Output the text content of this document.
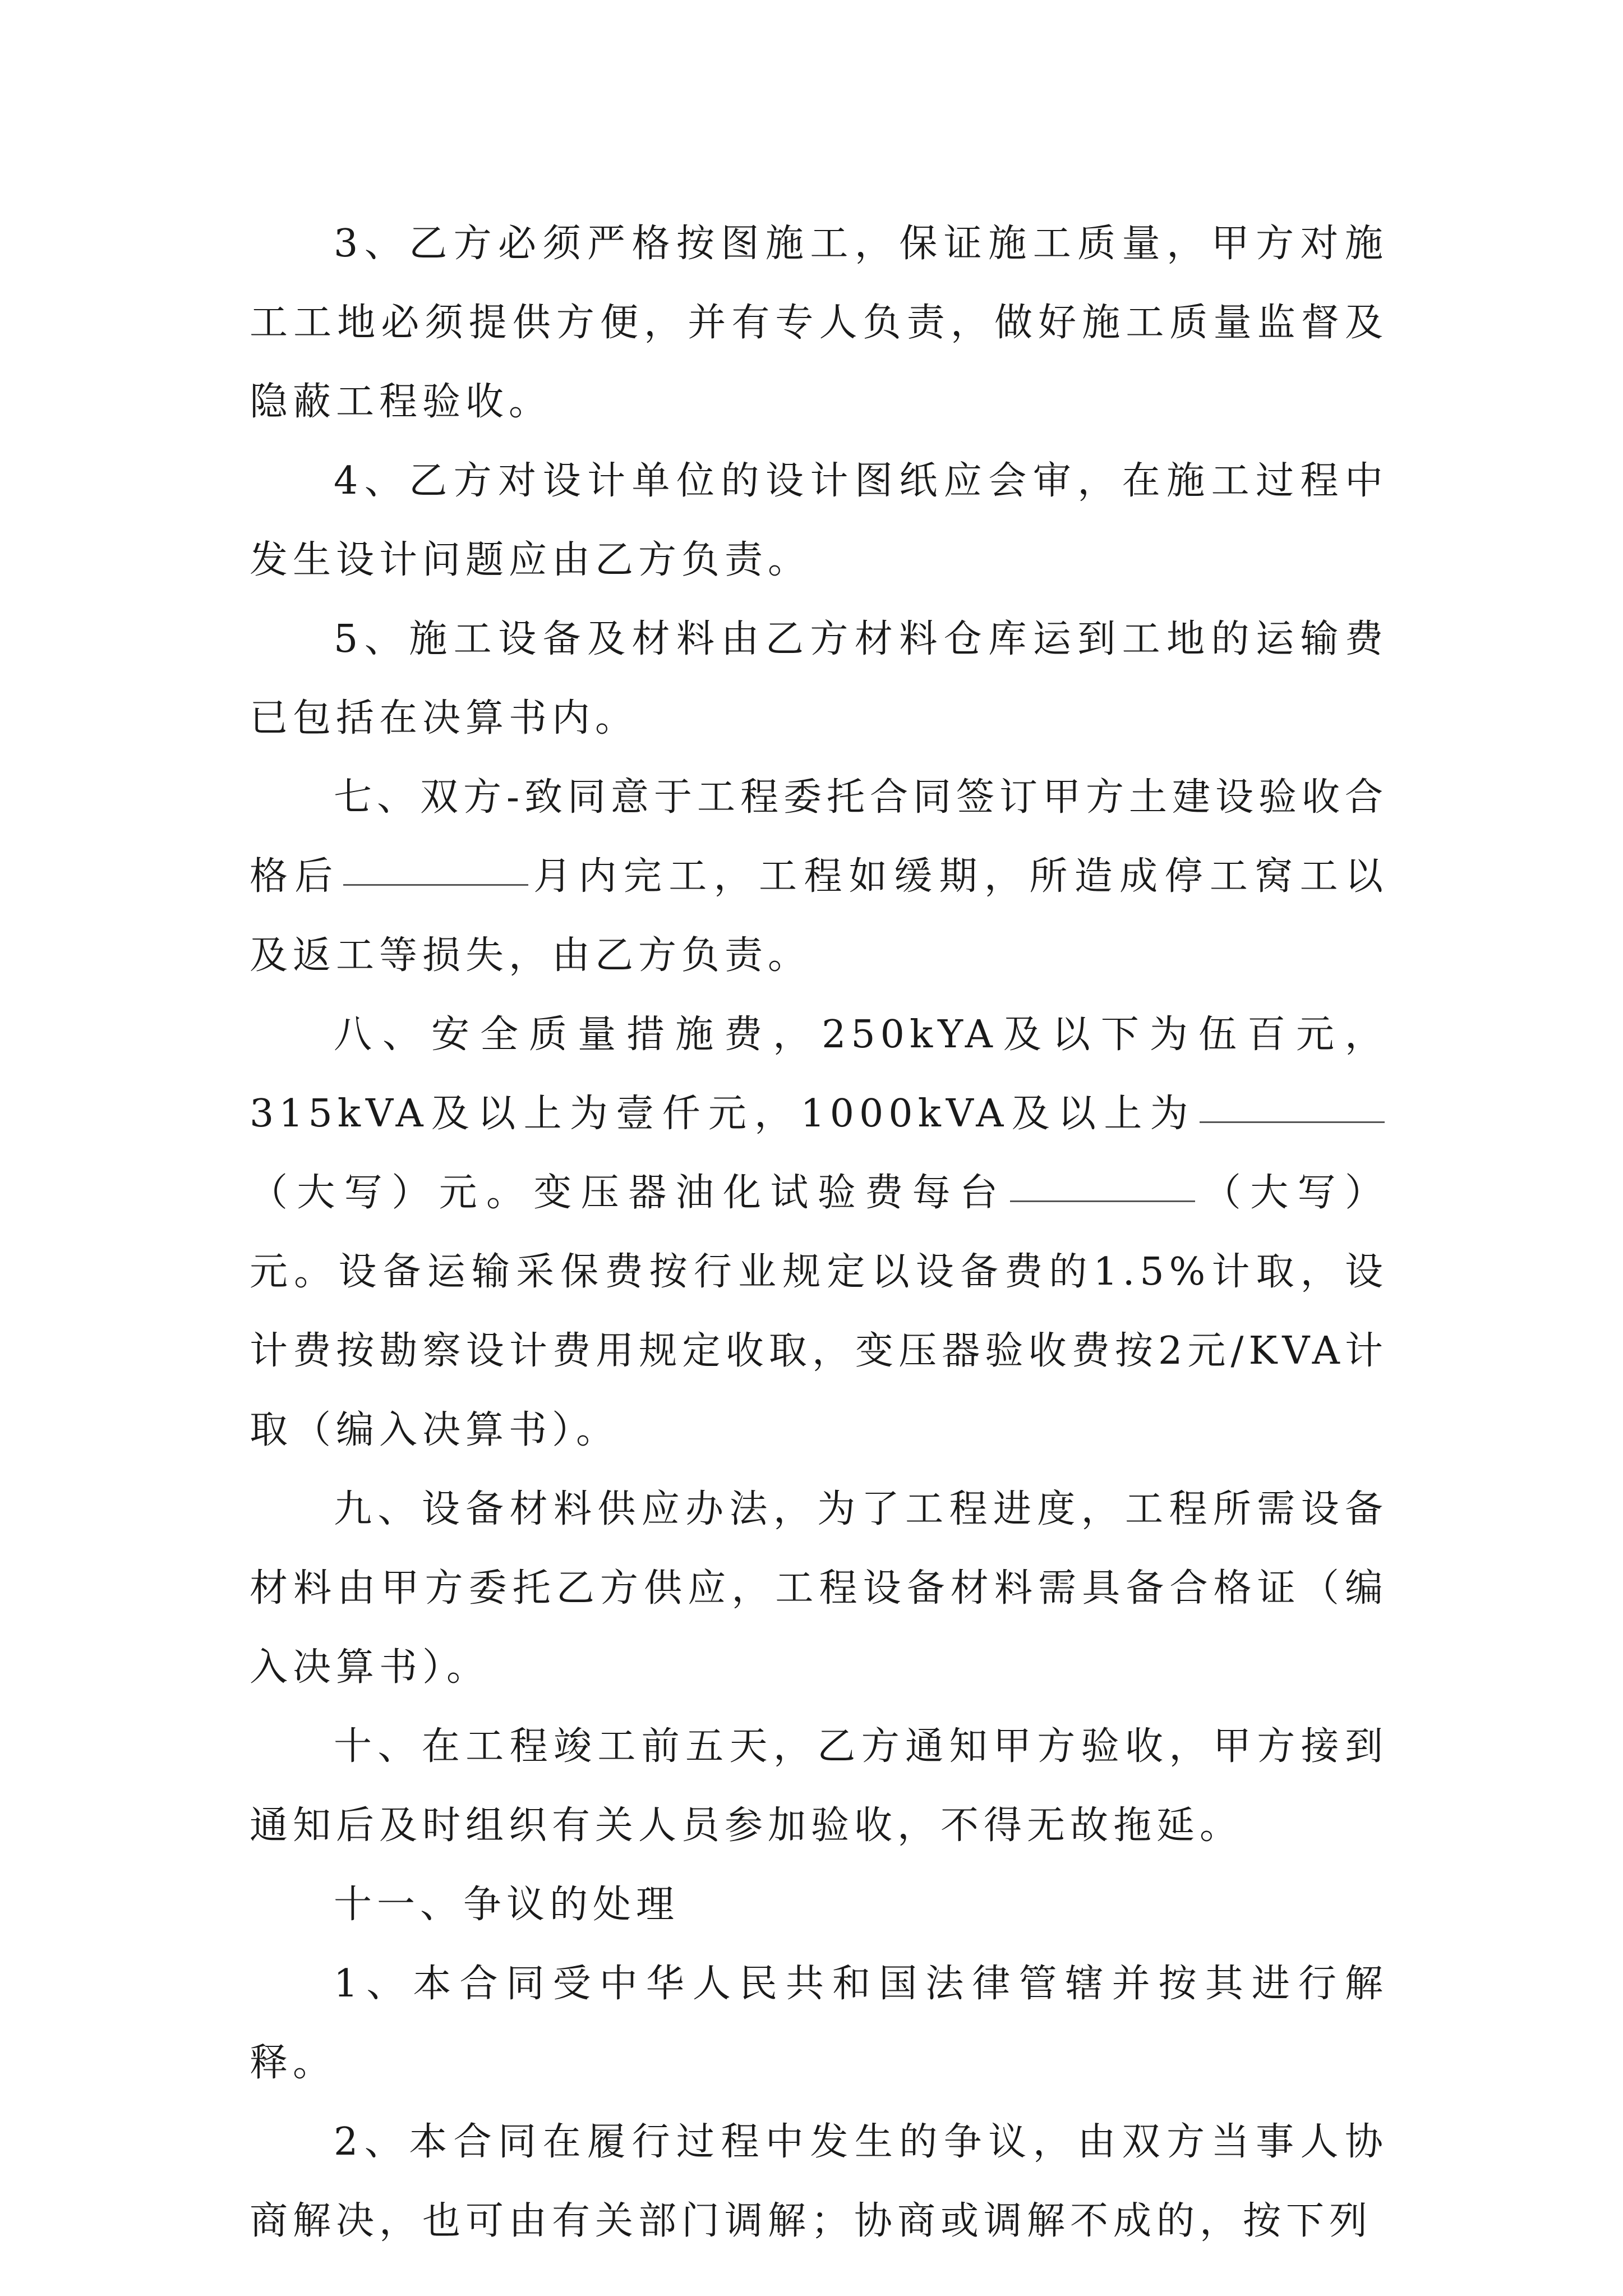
3、乙方必须严格按图施工，保证施工质量，甲方对施工工地必须提供方便，并有专人负责，做好施工质量监督及隐蔽工程验收。

4、乙方对设计单位的设计图纸应会审，在施工过程中发生设计问题应由乙方负责。

5、施工设备及材料由乙方材料仓库运到工地的运输费已包括在决算书内。

七、双方-致同意于工程委托合同签订甲方土建设验收合格后	月内完工，工程如缓期，所造成停工窝工以及返工等损失，由乙方负责。

八、安全质量措施费，250kYA及以下为伍百元，315kVA及以上为壹仟元，1000kVA及以上为（大写）元。变压器油化试验费每台	（大写）元。设备运输采保费按行业规定以设备费的1.5%计取，设计费按勘察设计费用规定收取，变压器验收费按2元/KVA计取（编入决算书）。

九、设备材料供应办法，为了工程进度，工程所需设备材料由甲方委托乙方供应，工程设备材料需具备合格证（编入决算书）。

十、在工程竣工前五天，乙方通知甲方验收，甲方接到通知后及时组织有关人员参加验收，不得无故拖延。

十一、争议的处理

1、本合同受中华人民共和国法律管辖并按其进行解释。

2、本合同在履行过程中发生的争议，由双方当事人协商解决，也可由有关部门调解；协商或调解不成的，按下列
